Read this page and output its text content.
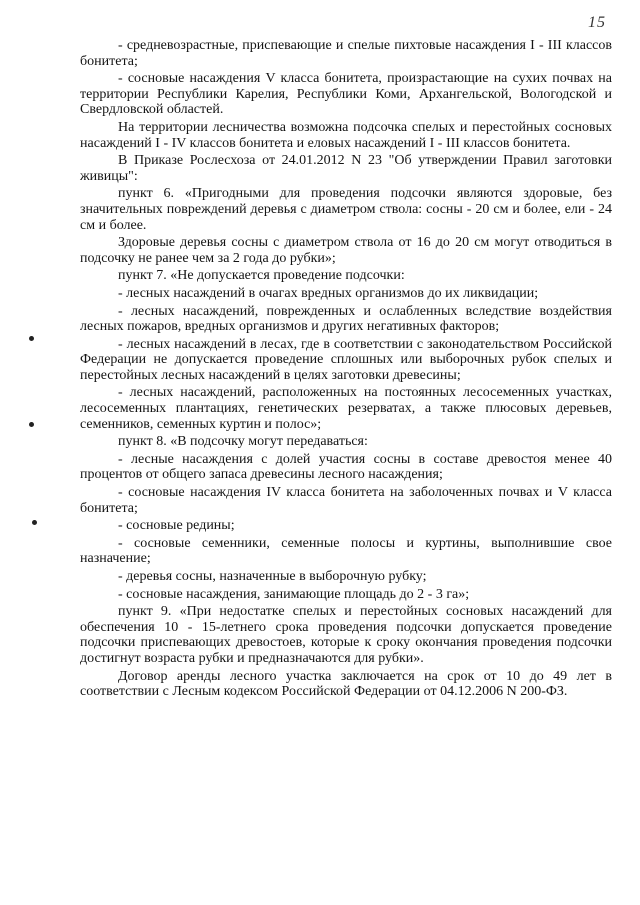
15

- средневозрастные, приспевающие и спелые пихтовые насаждения I - III классов бонитета;

- сосновые насаждения V класса бонитета, произрастающие на сухих почвах на территории Республики Карелия, Республики Коми, Архангельской, Вологодской и Свердловской областей.

На территории лесничества возможна подсочка спелых и перестойных сосновых насаждений I - IV классов бонитета и еловых насаждений I - III классов бонитета.

В Приказе Рослесхоза от 24.01.2012 N 23 "Об утверждении Правил заготовки живицы":

пункт 6. «Пригодными для проведения подсочки являются здоровые, без значительных повреждений деревья с диаметром ствола: сосны - 20 см и более, ели - 24 см и более.

Здоровые деревья сосны с диаметром ствола от 16 до 20 см могут отводиться в подсочку не ранее чем за 2 года до рубки»;

пункт 7. «Не допускается проведение подсочки:

- лесных насаждений в очагах вредных организмов до их ликвидации;

- лесных насаждений, поврежденных и ослабленных вследствие воздействия лесных пожаров, вредных организмов и других негативных факторов;

- лесных насаждений в лесах, где в соответствии с законодательством Российской Федерации не допускается проведение сплошных или выборочных рубок спелых и перестойных лесных насаждений в целях заготовки древесины;

- лесных насаждений, расположенных на постоянных лесосеменных участках, лесосеменных плантациях, генетических резерватах, а также плюсовых деревьев, семенников, семенных куртин и полос»;

пункт 8. «В подсочку могут передаваться:

- лесные насаждения с долей участия сосны в составе древостоя менее 40 процентов от общего запаса древесины лесного насаждения;

- сосновые насаждения IV класса бонитета на заболоченных почвах и V класса бонитета;

- сосновые редины;

- сосновые семенники, семенные полосы и куртины, выполнившие свое назначение;

- деревья сосны, назначенные в выборочную рубку;

- сосновые насаждения, занимающие площадь до 2 - 3 га»;

пункт 9. «При недостатке спелых и перестойных сосновых насаждений для обеспечения 10 - 15-летнего срока проведения подсочки допускается проведение подсочки приспевающих древостоев, которые к сроку окончания проведения подсочки достигнут возраста рубки и предназначаются для рубки».

Договор аренды лесного участка заключается на срок от 10 до 49 лет в соответствии с Лесным кодексом Российской Федерации от 04.12.2006 N 200-ФЗ.
